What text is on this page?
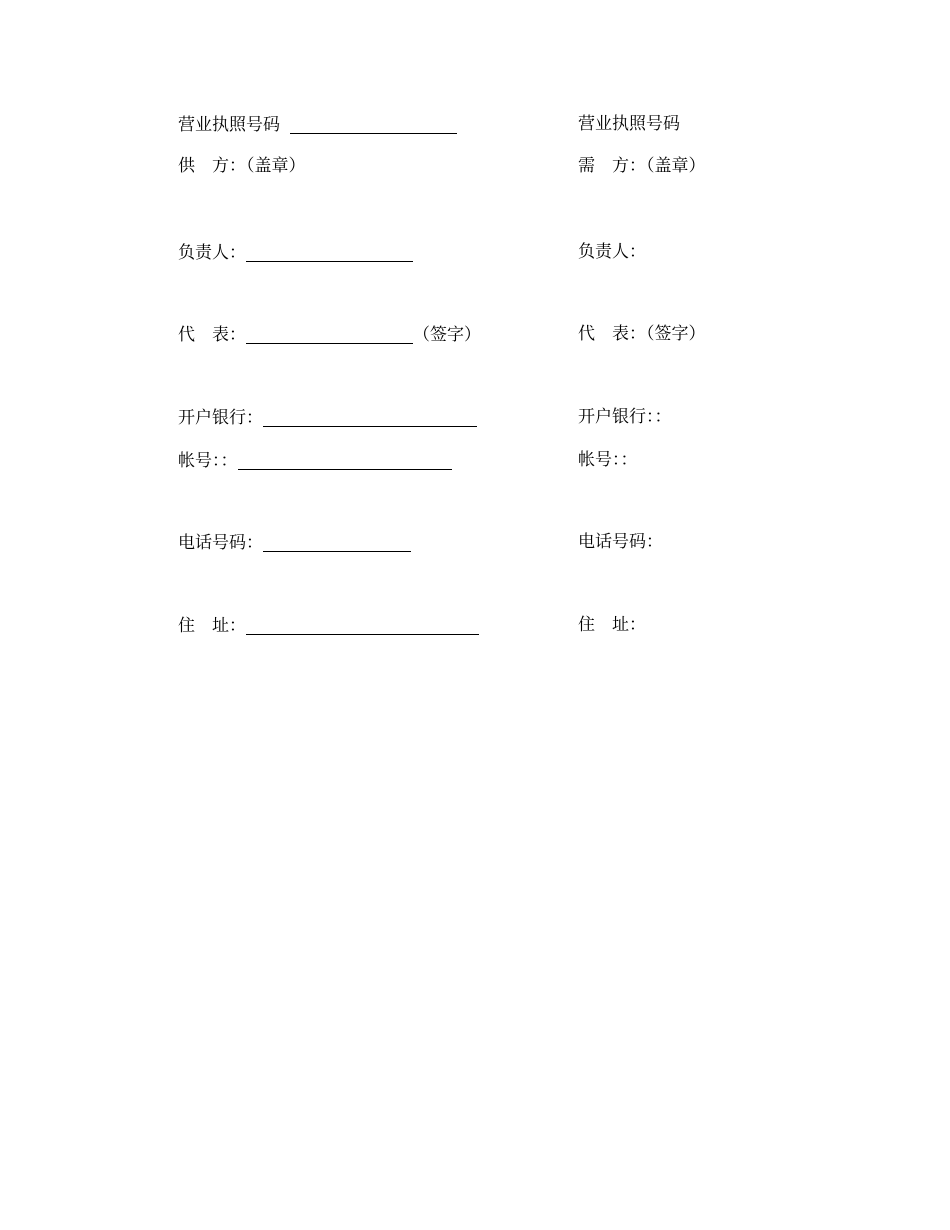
营业执照号码	营业执照号码
供　方：（盖章）	需　方：（盖章）
负责人：	负责人：
代　表：	（签字）	代　表：（签字）
开户银行：	开户银行：：
帐号：：	帐号：：
电话号码：	电话号码：
住　址：	住　址：
